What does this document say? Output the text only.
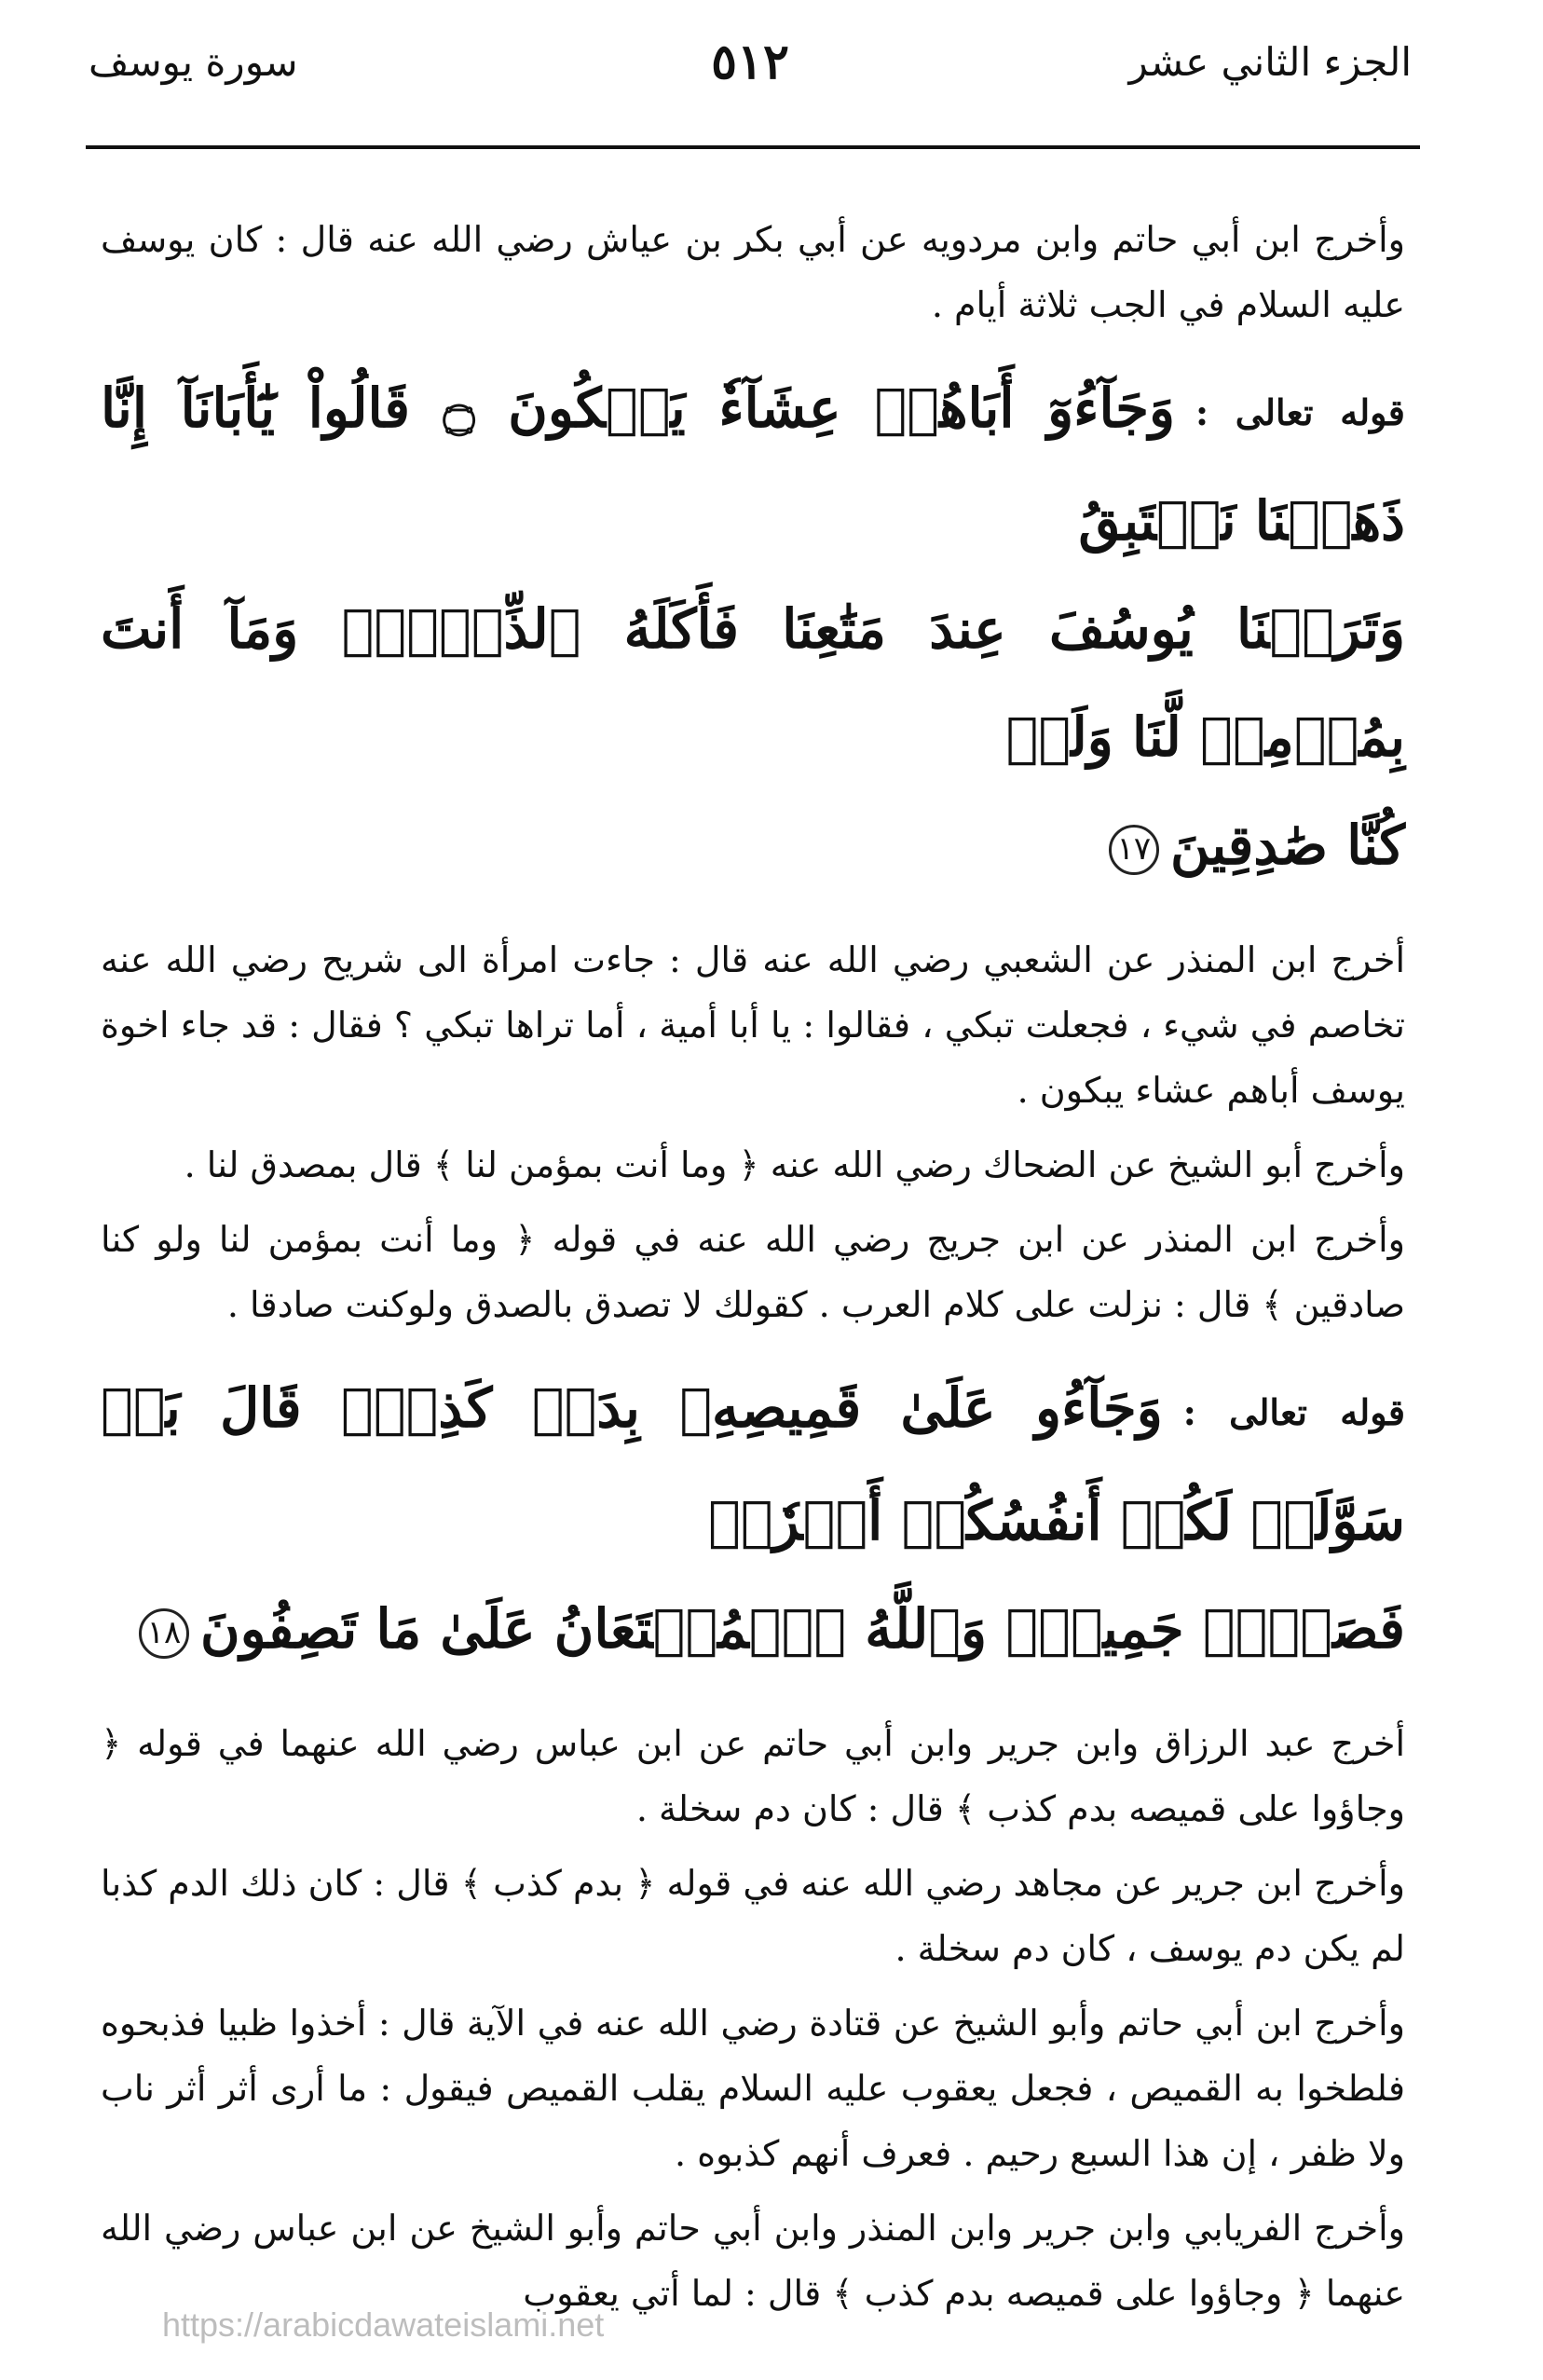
الجزء الثاني عشر
٥١٢
سورة يوسف

وأخرج ابن أبي حاتم وابن مردويه عن أبي بكر بن عياش رضي الله عنه قال : كان يوسف عليه السلام في الجب ثلاثة أيام .

قوله تعالى :وَجَآءُوٓ أَبَاهُمۡ عِشَآءٗ يَبۡكُونَ ۝ قَالُواْ يَٰٓأَبَانَآ إِنَّا ذَهَبۡنَا نَسۡتَبِقُ
وَتَرَكۡنَا يُوسُفَ عِندَ مَتَٰعِنَا فَأَكَلَهُ ٱلذِّئۡبُۖ وَمَآ أَنتَ بِمُؤۡمِنٖ لَّنَا وَلَوۡ
كُنَّا صَٰدِقِينَ١٧

أخرج ابن المنذر عن الشعبي رضي الله عنه قال : جاءت امرأة الى شريح رضي الله عنه تخاصم في شيء ، فجعلت تبكي ، فقالوا : يا أبا أمية ، أما تراها تبكي ؟ فقال : قد جاء اخوة يوسف أباهم عشاء يبكون .

وأخرج أبو الشيخ عن الضحاك رضي الله عنه ﴿ وما أنت بمؤمن لنا ﴾ قال بمصدق لنا .

وأخرج ابن المنذر عن ابن جريج رضي الله عنه في قوله ﴿ وما أنت بمؤمن لنا ولو كنا صادقين ﴾ قال : نزلت على كلام العرب . كقولك لا تصدق بالصدق ولوكنت صادقا .

قوله تعالى :وَجَآءُو عَلَىٰ قَمِيصِهِۦ بِدَمٖ كَذِبٖۚ قَالَ بَلۡ سَوَّلَتۡ لَكُمۡ أَنفُسُكُمۡ أَمۡرٗاۖ
فَصَبۡرٞ جَمِيلٞۖ وَٱللَّهُ ٱلۡمُسۡتَعَانُ عَلَىٰ مَا تَصِفُونَ١٨

أخرج عبد الرزاق وابن جرير وابن أبي حاتم عن ابن عباس رضي الله عنهما في قوله ﴿ وجاؤوا على قميصه بدم كذب ﴾ قال : كان دم سخلة .

وأخرج ابن جرير عن مجاهد رضي الله عنه في قوله ﴿ بدم كذب ﴾ قال : كان ذلك الدم كذبا لم يكن دم يوسف ، كان دم سخلة .

وأخرج ابن أبي حاتم وأبو الشيخ عن قتادة رضي الله عنه في الآية قال : أخذوا ظبيا فذبحوه فلطخوا به القميص ، فجعل يعقوب عليه السلام يقلب القميص فيقول : ما أرى أثر أثر ناب ولا ظفر ، إن هذا السبع رحيم . فعرف أنهم كذبوه .

وأخرج الفريابي وابن جرير وابن المنذر وابن أبي حاتم وأبو الشيخ عن ابن عباس رضي الله عنهما ﴿ وجاؤوا على قميصه بدم كذب ﴾ قال : لما أتي يعقوب

https://arabicdawateislami.net
